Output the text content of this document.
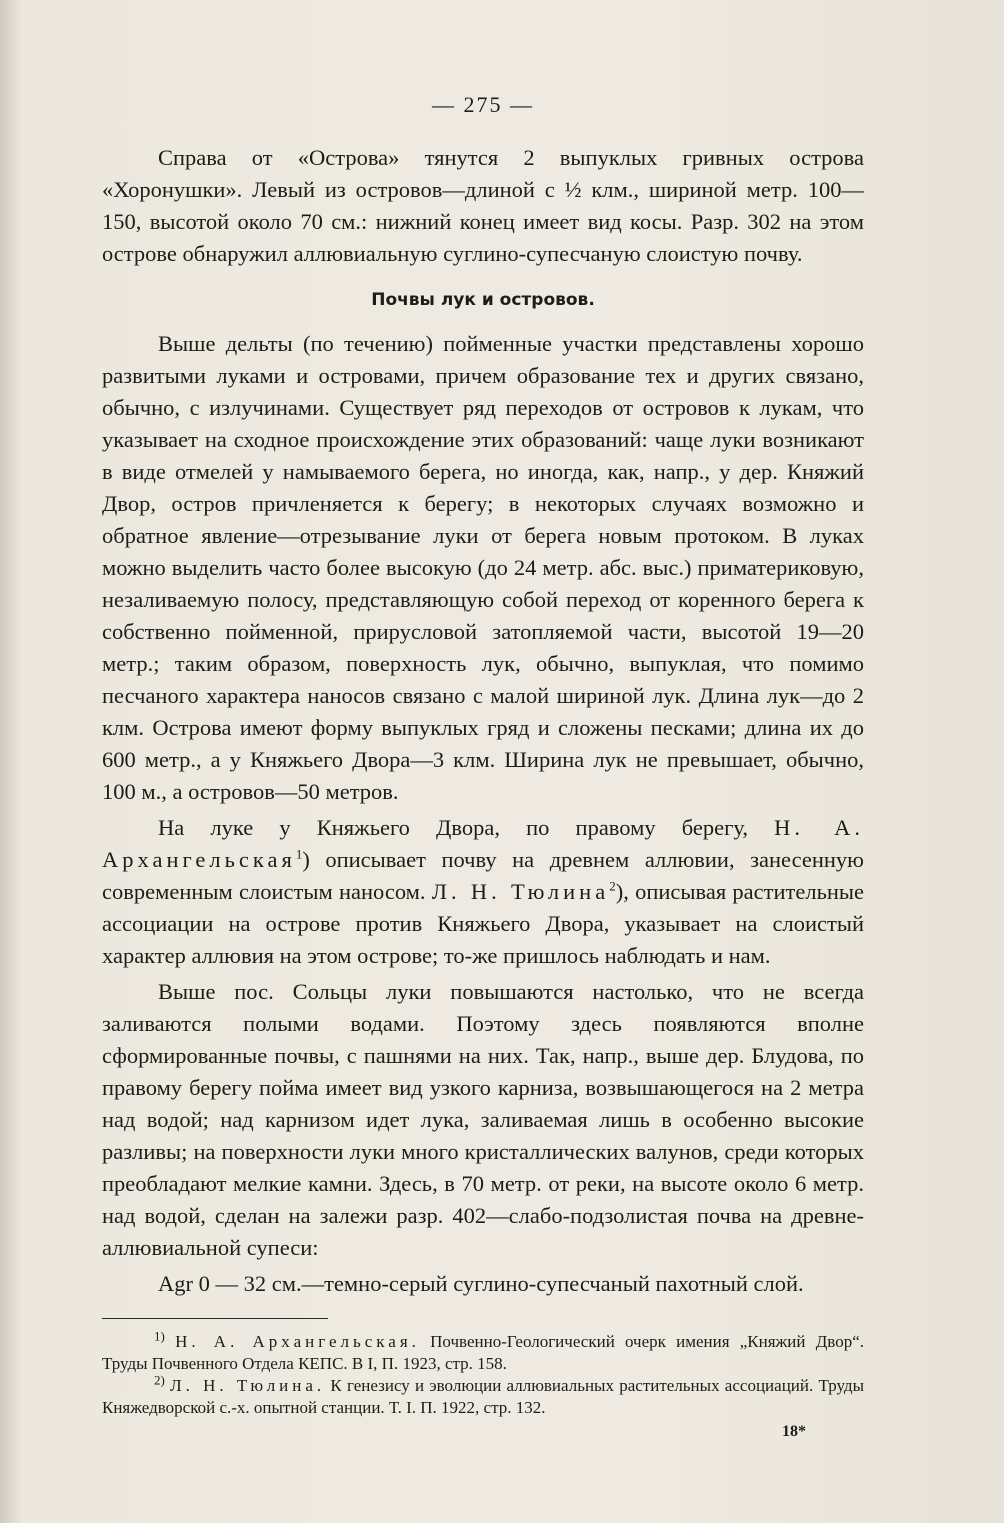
— 275 —

Справа от «Острова» тянутся 2 выпуклых гривных острова «Хоронушки». Левый из островов—длиной с ½ клм., шириной метр. 100—150, высотой около 70 см.: нижний конец имеет вид косы. Разр. 302 на этом острове обнаружил аллювиальную суглино-супесчаную слоистую почву.

Почвы лук и островов.

Выше дельты (по течению) пойменные участки представлены хорошо развитыми луками и островами, причем образование тех и других связано, обычно, с излучинами. Существует ряд переходов от островов к лукам, что указывает на сходное происхождение этих образований: чаще луки возникают в виде отмелей у намываемого берега, но иногда, как, напр., у дер. Княжий Двор, остров причленяется к берегу; в некоторых случаях возможно и обратное явление—отрезывание луки от берега новым протоком. В луках можно выделить часто более высокую (до 24 метр. абс. выс.) приматериковую, незаливаемую полосу, представляющую собой переход от коренного берега к собственно пойменной, прирусловой затопляемой части, высотой 19—20 метр.; таким образом, поверхность лук, обычно, выпуклая, что помимо песчаного характера наносов связано с малой шириной лук. Длина лук—до 2 клм. Острова имеют форму выпуклых гряд и сложены песками; длина их до 600 метр., а у Княжьего Двора—3 клм. Ширина лук не превышает, обычно, 100 м., а островов—50 метров.

На луке у Княжьего Двора, по правому берегу, Н. А. Архангельская$^1$) описывает почву на древнем аллювии, занесенную современным слоистым наносом. Л. Н. Тюлина$^2$), описывая растительные ассоциации на острове против Княжьего Двора, указывает на слоистый характер аллювия на этом острове; то-же пришлось наблюдать и нам.

Выше пос. Сольцы луки повышаются настолько, что не всегда заливаются полыми водами. Поэтому здесь появляются вполне сформированные почвы, с пашнями на них. Так, напр., выше дер. Блудова, по правому берегу пойма имеет вид узкого карниза, возвышающегося на 2 метра над водой; над карнизом идет лука, заливаемая лишь в особенно высокие разливы; на поверхности луки много кристаллических валунов, среди которых преобладают мелкие камни. Здесь, в 70 метр. от реки, на высоте около 6 метр. над водой, сделан на залежи разр. 402—слабо-подзолистая почва на древне-аллювиальной супеси:

Agr 0 — 32 см.—темно-серый суглино-супесчаный пахотный слой.

$^{1)}$ Н. А. Архангельская. Почвенно-Геологический очерк имения „Княжий Двор“. Труды Почвенного Отдела КЕПС. В I, П. 1923, стр. 158.

$^{2)}$ Л. Н. Тюлина. К генезису и эволюции аллювиальных растительных ассоциаций. Труды Княжедворской с.-х. опытной станции. Т. I. П. 1922, стр. 132.

18*
